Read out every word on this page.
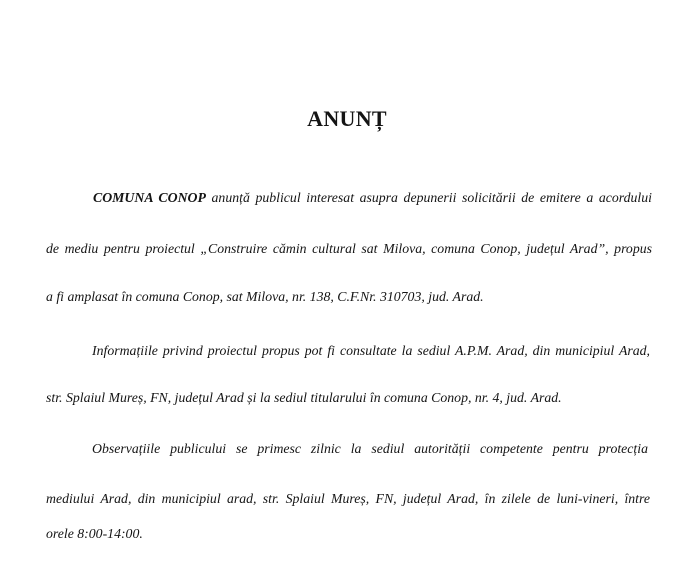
ANUNȚ
COMUNA CONOP anunță publicul interesat asupra depunerii solicitării de emitere a acordului
de mediu pentru proiectul „Construire cămin cultural sat Milova, comuna Conop, județul Arad”, propus
a fi amplasat în comuna Conop, sat Milova, nr. 138, C.F.Nr. 310703, jud. Arad.
Informațiile privind proiectul propus pot fi consultate la sediul A.P.M. Arad, din municipiul Arad,
str. Splaiul Mureș, FN, județul Arad și la sediul titularului în comuna Conop, nr. 4, jud. Arad.
Observațiile publicului se primesc zilnic la sediul autorității competente pentru protecția
mediului Arad, din municipiul arad, str. Splaiul Mureș, FN, județul Arad, în zilele de luni-vineri, între
orele 8:00-14:00.
